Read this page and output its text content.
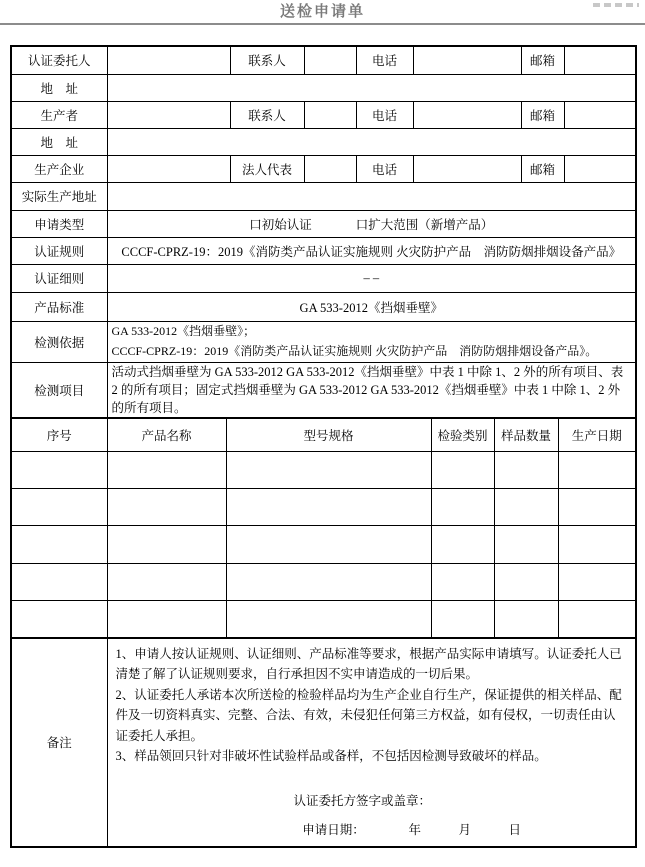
送检申请单
认证委托人		联系人		电话		邮箱	
地　址							
生产者		联系人		电话		邮箱	
地　址							
生产企业		法人代表		电话		邮箱	
实际生产地址							
申请类型	口初始认证 口扩大范围（新增产品）						
认证规则	CCCF-CPRZ-19：2019《消防类产品认证实施规则 火灾防护产品　消防防烟排烟设备产品》						
认证细则	– –						
产品标准	GA 533-2012《挡烟垂壁》						
检测依据	GA 533-2012《挡烟垂壁》；
CCCF-CPRZ-19：2019《消防类产品认证实施规则 火灾防护产品　消防防烟排烟设备产品》。						

检测项目	活动式挡烟垂壁为 GA 533-2012 GA 533-2012《挡烟垂壁》中表 1 中除 1、2 外的所有项目、表 2 的所有项目；固定式挡烟垂壁为 GA 533-2012 GA 533-2012《挡烟垂壁》中表 1 中除 1、2 外的所有项目。						
序号	产品名称	型号规格	检验类别	样品数量	生产日期

备注	
1、申请人按认证规则、认证细则、产品标准等要求，根据产品实际申请填写。认证委托人已清楚了解了认证规则要求，自行承担因不实申请造成的一切后果。
2、认证委托人承诺本次所送检的检验样品均为生产企业自行生产，保证提供的相关样品、配件及一切资料真实、完整、合法、有效，未侵犯任何第三方权益，如有侵权，一切责任由认证委托人承担。
3、样品领回只针对非破坏性试验样品或备样，不包括因检测导致破坏的样品。
认证委托方签字或盖章：
申请日期：　　　　年　　　月　　　日
